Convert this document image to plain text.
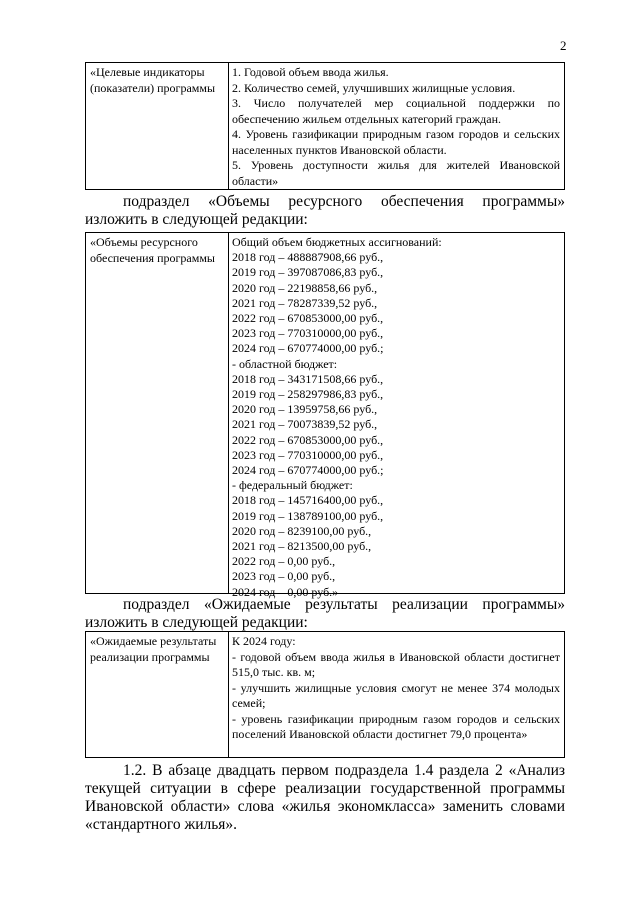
2
«Целевые индикаторы (показатели) программы

1. Годовой объем ввода жилья.

2. Количество семей, улучшивших жилищные условия.

3. Число получателей мер социальной поддержки по обеспечению жильем отдельных категорий граждан.

4. Уровень газификации природным газом городов и сельских населенных пунктов Ивановской области.

5. Уровень доступности жилья для жителей Ивановской области»

подраздел «Объемы ресурсного обеспечения программы» изложить в следующей редакции:

«Объемы ресурсного обеспечения программы

Общий объем бюджетных ассигнований:

2018 год – 488887908,66 руб.,

2019 год – 397087086,83 руб.,

2020 год – 22198858,66 руб.,

2021 год – 78287339,52 руб.,

2022 год – 670853000,00 руб.,

2023 год – 770310000,00 руб.,

2024 год – 670774000,00 руб.;

- областной бюджет:

2018 год – 343171508,66 руб.,

2019 год – 258297986,83 руб.,

2020 год – 13959758,66 руб.,

2021 год – 70073839,52 руб.,

2022 год – 670853000,00 руб.,

2023 год – 770310000,00 руб.,

2024 год – 670774000,00 руб.;

- федеральный бюджет:

2018 год – 145716400,00 руб.,

2019 год – 138789100,00 руб.,

2020 год – 8239100,00 руб.,

2021 год – 8213500,00 руб.,

2022 год – 0,00 руб.,

2023 год – 0,00 руб.,

2024 год – 0,00 руб.»

подраздел «Ожидаемые результаты реализации программы» изложить в следующей редакции:

«Ожидаемые результаты реализации программы

К 2024 году:

- годовой объем ввода жилья в Ивановской области достигнет 515,0 тыс. кв. м;

- улучшить жилищные условия смогут не менее 374 молодых семей;

- уровень газификации природным газом городов и сельских поселений Ивановской области достигнет 79,0 процента»

1.2. В абзаце двадцать первом подраздела 1.4 раздела 2 «Анализ текущей ситуации в сфере реализации государственной программы Ивановской области» слова «жилья экономкласса» заменить словами «стандартного жилья».
